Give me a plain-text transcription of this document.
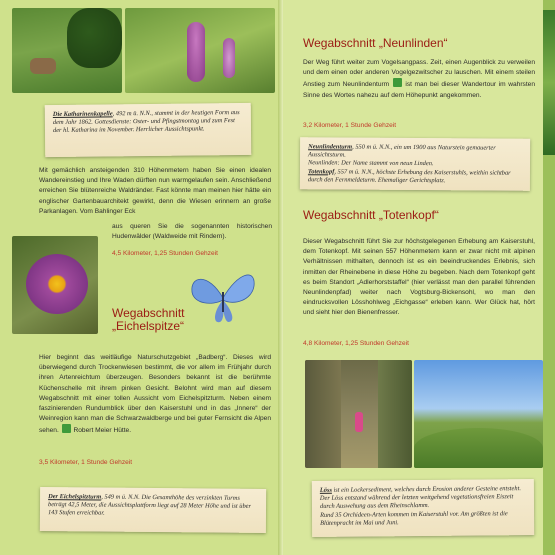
Die Katharinenkapelle, 492 m ü. N.N., stammt in der heutigen Form aus dem Jahr 1862. Gottesdienste: Oster- und Pfingstmontag und zum Fest der hl. Katharina im November. Herrlicher Aussichtspunkt.
Mit gemächlich ansteigenden 310 Höhenmetern haben Sie einen idealen Wandereinstieg und Ihre Waden dürften nun warmgelaufen sein. Anschließend erreichen Sie blütenreiche Waldränder. Fast könnte man meinen hier hätte ein englischer Gartenbauarchitekt gewirkt, denn die Wiesen erinnern an große Parkanlagen. Vom Bahlinger Eck
aus queren Sie die sogenannten historischen Hudenwälder (Waldweide mit Rindern).
4,5 Kilometer, 1,25 Stunden Gehzeit
Wegabschnitt
„Eichelspitze“
Hier beginnt das weitläufige Naturschutzgebiet „Badberg“. Dieses wird überwiegend durch Trockenwiesen bestimmt, die vor allem im Frühjahr durch ihren Artenreichtum überzeugen. Besonders bekannt ist die berühmte Küchenschelle mit ihrem pinken Gesicht. Belohnt wird man auf diesem Wegabschnitt mit einer tollen Aussicht vom Eichelspitzturm. Neben einem faszinierenden Rundumblick über den Kaiserstuhl und in das „Innere“ der Weinregion kann man die Schwarzwaldberge und bei guter Fernsicht die Alpen sehen. Robert Meier Hütte.
3,5 Kilometer, 1 Stunde Gehzeit
Der Eichelspitzturm, 549 m ü. N.N. Die Gesamthöhe des verzinkten Turms beträgt 42,5 Meter, die Aussichtsplattform liegt auf 28 Meter Höhe und ist über 143 Stufen erreichbar.
Wegabschnitt „Neunlinden“
Der Weg führt weiter zum Vogelsangpass. Zeit, einen Augenblick zu verweilen und dem einen oder anderen Vogelgezwitscher zu lauschen. Mit einem steilen Anstieg zum Neunlindenturm ist man bei dieser Wandertour im wahrsten Sinne des Wortes nahezu auf dem Höhepunkt angekommen.
3,2 Kilometer, 1 Stunde Gehzeit
Neunlindenturm, 550 m ü. N.N., ein um 1900 aus Naturstein gemauerter Aussichtsturm.
Neunlinden: Der Name stammt von neun Linden.
Totenkopf, 557 m ü. N.N., höchste Erhebung des Kaiserstuhls, weithin sichtbar durch den Fernmeldeturm. Ehemaliger Gerichtsplatz.
Wegabschnitt „Totenkopf“
Dieser Wegabschnitt führt Sie zur höchstgelegenen Erhebung am Kaiserstuhl, dem Totenkopf. Mit seinen 557 Höhenmetern kann er zwar nicht mit alpinen Verhältnissen mithalten, dennoch ist es ein beeindruckendes Erlebnis, sich inmitten der Rheinebene in diese Höhe zu begeben. Nach dem Totenkopf geht es beim Standort „Adlerhorststaffel“ (hier verlässt man den parallel führenden Neunlindenpfad) weiter nach Vogtsburg-Bickensohl, wo man den eindrucksvollen Lösshohlweg „Eichgasse“ erleben kann. Wer Glück hat, hört und sieht hier den Bienenfresser.
4,8 Kilometer, 1,25 Stunden Gehzeit
Löss ist ein Lockersediment, welches durch Erosion anderer Gesteine entsteht. Der Löss entstand während der letzten weitgehend vegetationsfreien Eiszeit durch Auswehung aus dem Rheinschlamm.
Rund 35 Orchideen-Arten kommen im Kaiserstuhl vor. Am größten ist die Blütenpracht im Mai und Juni.
